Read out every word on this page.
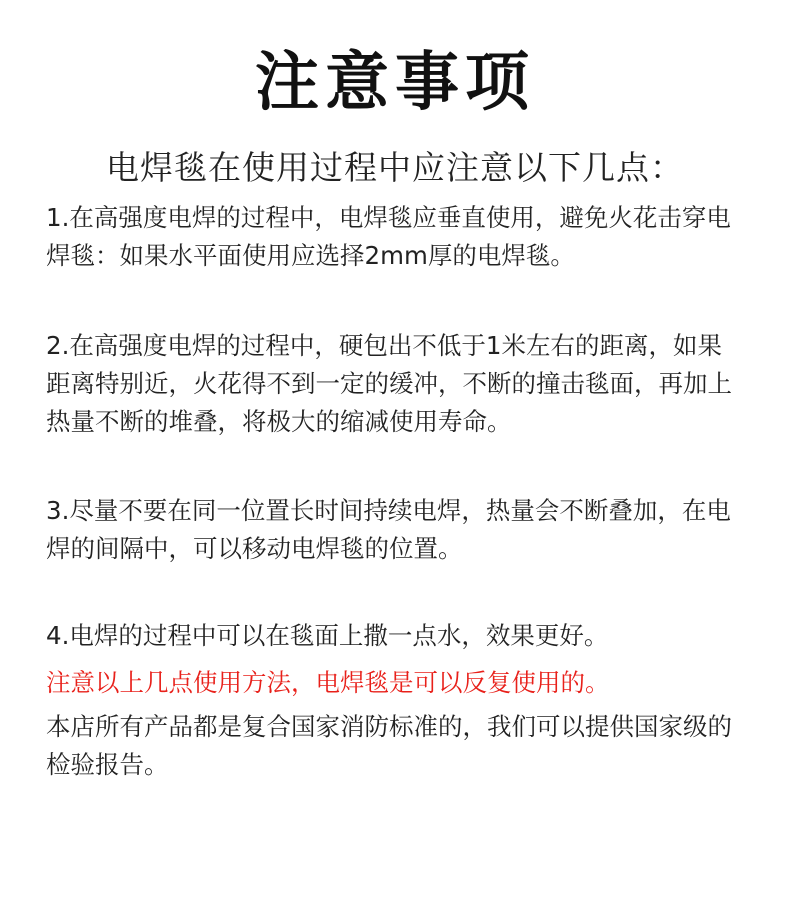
注意事项
电焊毯在使用过程中应注意以下几点：

1.在高强度电焊的过程中，电焊毯应垂直使用，避免火花击穿电焊毯：如果水平面使用应选择2mm厚的电焊毯。

2.在高强度电焊的过程中，硬包出不低于1米左右的距离，如果距离特别近，火花得不到一定的缓冲，不断的撞击毯面，再加上热量不断的堆叠，将极大的缩减使用寿命。

3.尽量不要在同一位置长时间持续电焊，热量会不断叠加，在电焊的间隔中，可以移动电焊毯的位置。

4.电焊的过程中可以在毯面上撒一点水，效果更好。

注意以上几点使用方法，电焊毯是可以反复使用的。

本店所有产品都是复合国家消防标准的，我们可以提供国家级的检验报告。
